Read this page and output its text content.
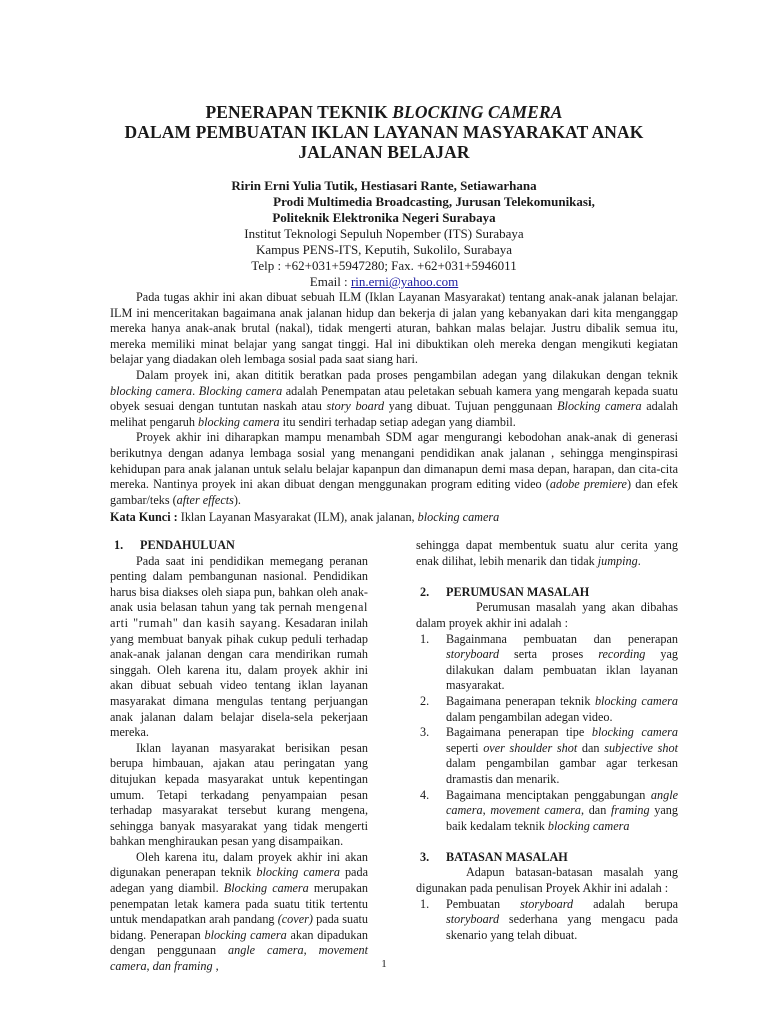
PENERAPAN TEKNIK BLOCKING CAMERA
DALAM PEMBUATAN IKLAN LAYANAN MASYARAKAT ANAK
JALANAN BELAJAR
Ririn Erni Yulia Tutik, Hestiasari Rante, Setiawarhana
Prodi Multimedia Broadcasting, Jurusan Telekomunikasi,
Politeknik Elektronika Negeri Surabaya
Institut Teknologi Sepuluh Nopember (ITS) Surabaya
Kampus PENS-ITS, Keputih, Sukolilo, Surabaya
Telp : +62+031+5947280; Fax. +62+031+5946011
Email : rin.erni@yahoo.com

Pada tugas akhir ini akan dibuat sebuah ILM (Iklan Layanan Masyarakat) tentang anak-anak jalanan belajar. ILM ini menceritakan bagaimana anak jalanan hidup dan bekerja di jalan yang kebanyakan dari kita menganggap mereka hanya anak-anak brutal (nakal), tidak mengerti aturan, bahkan malas belajar. Justru dibalik semua itu, mereka memiliki minat belajar yang sangat tinggi. Hal ini dibuktikan oleh mereka dengan mengikuti kegiatan belajar yang diadakan oleh lembaga sosial pada saat siang hari.

Dalam proyek ini, akan dititik beratkan pada proses pengambilan adegan yang dilakukan dengan teknik blocking camera. Blocking camera adalah Penempatan atau peletakan sebuah kamera yang mengarah kepada suatu obyek sesuai dengan tuntutan naskah atau story board yang dibuat. Tujuan penggunaan Blocking camera adalah melihat pengaruh blocking camera itu sendiri terhadap setiap adegan yang diambil.

Proyek akhir ini diharapkan mampu menambah SDM agar mengurangi kebodohan anak-anak di generasi berikutnya dengan adanya lembaga sosial yang menangani pendidikan anak jalanan , sehingga menginspirasi kehidupan para anak jalanan untuk selalu belajar kapanpun dan dimanapun demi masa depan, harapan, dan cita-cita mereka. Nantinya proyek ini akan dibuat dengan menggunakan program editing video (adobe premiere) dan efek gambar/teks (after effects).

Kata Kunci : Iklan Layanan Masyarakat (ILM), anak jalanan, blocking camera

1. PENDAHULUAN

Pada saat ini pendidikan memegang peranan penting dalam pembangunan nasional. Pendidikan harus bisa diakses oleh siapa pun, bahkan oleh anak-anak usia belasan tahun yang tak pernah mengenal arti "rumah" dan kasih sayang. Kesadaran inilah yang membuat banyak pihak cukup peduli terhadap anak-anak jalanan dengan cara mendirikan rumah singgah. Oleh karena itu, dalam proyek akhir ini akan dibuat sebuah video tentang iklan layanan masyarakat dimana mengulas tentang perjuangan anak jalanan dalam belajar disela-sela pekerjaan mereka.

Iklan layanan masyarakat berisikan pesan berupa himbauan, ajakan atau peringatan yang ditujukan kepada masyarakat untuk kepentingan umum. Tetapi terkadang penyampaian pesan terhadap masyarakat tersebut kurang mengena, sehingga banyak masyarakat yang tidak mengerti bahkan menghiraukan pesan yang disampaikan.

Oleh karena itu, dalam proyek akhir ini akan digunakan penerapan teknik blocking camera pada adegan yang diambil. Blocking camera merupakan penempatan letak kamera pada suatu titik tertentu untuk mendapatkan arah pandang (cover) pada suatu bidang. Penerapan blocking camera akan dipadukan dengan penggunaan angle camera, movement camera, dan framing ,

sehingga dapat membentuk suatu alur cerita yang enak dilihat, lebih menarik dan tidak jumping.

2. PERUMUSAN MASALAH

Perumusan masalah yang akan dibahas dalam proyek akhir ini adalah :

1. Bagainmana pembuatan dan penerapan storyboard serta proses recording yag dilakukan dalam pembuatan iklan layanan masyarakat.
2. Bagaimana penerapan teknik blocking camera dalam pengambilan adegan video.
3. Bagaimana penerapan tipe blocking camera seperti over shoulder shot dan subjective shot dalam pengambilan gambar agar terkesan dramastis dan menarik.
4. Bagaimana menciptakan penggabungan angle camera, movement camera, dan framing yang baik kedalam teknik blocking camera

3. BATASAN MASALAH

Adapun batasan-batasan masalah yang digunakan pada penulisan Proyek Akhir ini adalah :

1. Pembuatan storyboard adalah berupa storyboard sederhana yang mengacu pada skenario yang telah dibuat.
1
